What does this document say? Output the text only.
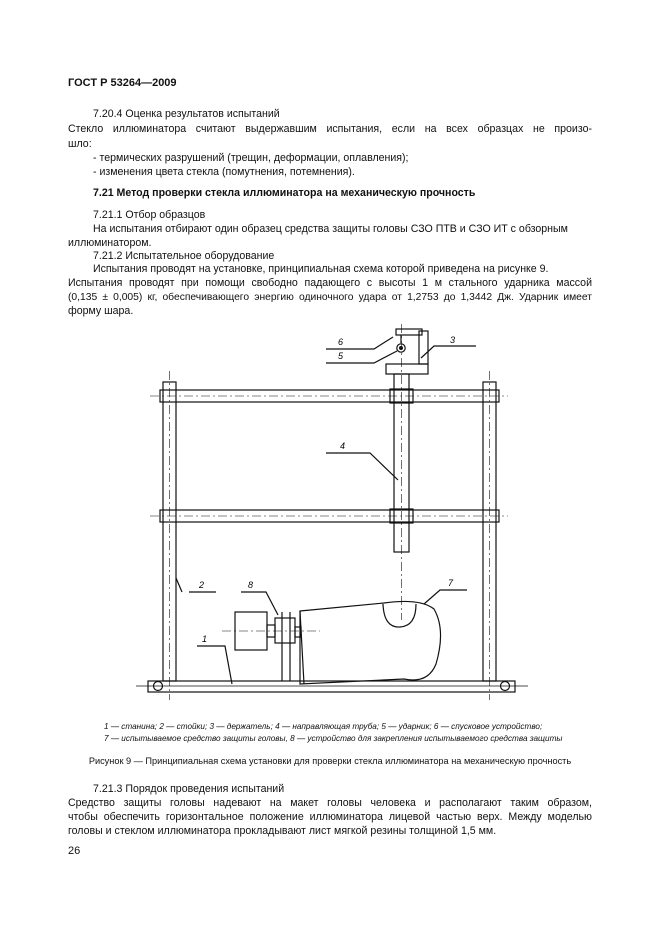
ГОСТ Р 53264—2009
7.20.4 Оценка результатов испытаний
Стекло иллюминатора считают выдержавшим испытания, если на всех образцах не произо-
шло:
- термических разрушений (трещин, деформации, оплавления);
- изменения цвета стекла (помутнения, потемнения).
7.21 Метод проверки стекла иллюминатора на механическую прочность
7.21.1 Отбор образцов
На испытания отбирают один образец средства защиты головы СЗО ПТВ и СЗО ИТ с обзорным
иллюминатором.
7.21.2 Испытательное оборудование
Испытания проводят на установке, принципиальная схема которой приведена на рисунке 9.
Испытания проводят при помощи свободно падающего с высоты 1 м стального ударника массой
(0,135 ± 0,005) кг, обеспечивающего энергию одиночного удара от 1,2753 до 1,3442 Дж. Ударник имеет
форму шара.
6
5
3
4
2	8	7
1
1 — станина; 2 — стойки; 3 — держатель; 4 — направляющая труба; 5 — ударник; 6 — спусковое устройство;
7 — испытываемое средство защиты головы, 8 — устройство для закрепления испытываемого средства защиты
Рисунок 9 — Принципиальная схема установки для проверки стекла иллюминатора на механическую прочность
7.21.3 Порядок проведения испытаний
Средство защиты головы надевают на макет головы человека и располагают таким образом,
чтобы обеспечить горизонтальное положение иллюминатора лицевой частью верх. Между моделью
головы и стеклом иллюминатора прокладывают лист мягкой резины толщиной 1,5 мм.
26
